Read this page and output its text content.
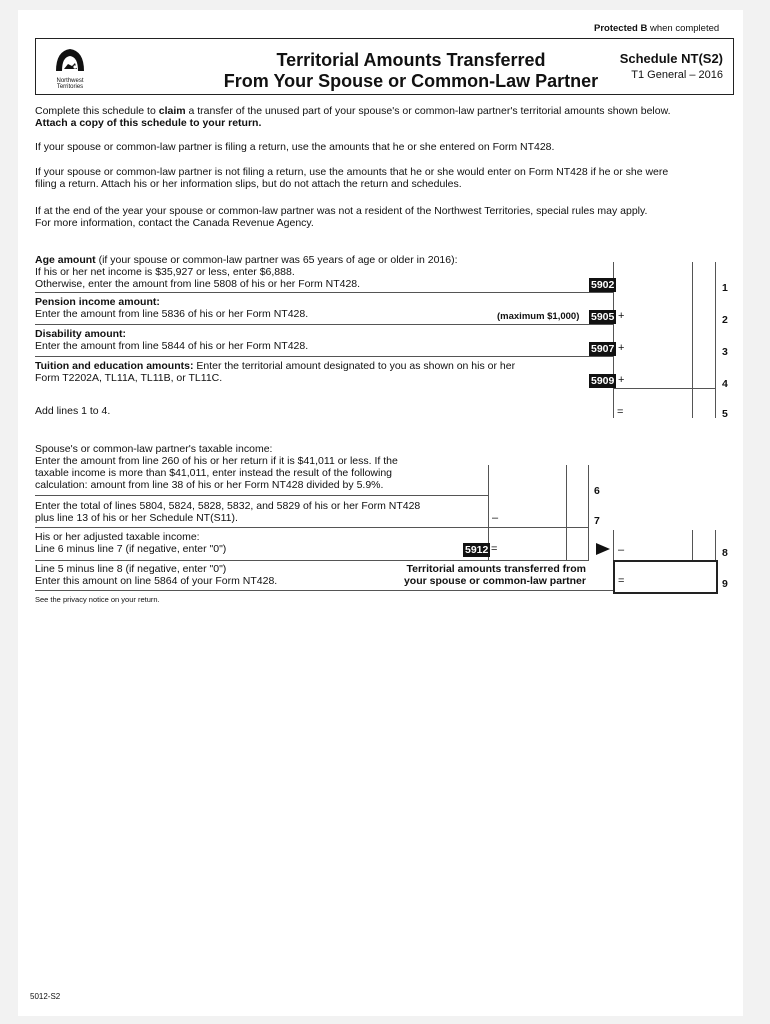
Protected B when completed
Northwest
Territories
Territorial Amounts Transferred
From Your Spouse or Common-Law Partner
Schedule NT(S2)
T1 General – 2016
Complete this schedule to claim a transfer of the unused part of your spouse's or common-law partner's territorial amounts shown below.
Attach a copy of this schedule to your return.
If your spouse or common-law partner is filing a return, use the amounts that he or she entered on Form NT428.
If your spouse or common-law partner is not filing a return, use the amounts that he or she would enter on Form NT428 if he or she were
filing a return. Attach his or her information slips, but do not attach the return and schedules.
If at the end of the year your spouse or common-law partner was not a resident of the Northwest Territories, special rules may apply.
For more information, contact the Canada Revenue Agency.
Age amount (if your spouse or common-law partner was 65 years of age or older in 2016):
If his or her net income is $35,927 or less, enter $6,888.
Otherwise, enter the amount from line 5808 of his or her Form NT428.	5902	1
Pension income amount:
Enter the amount from line 5836 of his or her Form NT428.	(maximum $1,000) 5905 +	2
Disability amount:
Enter the amount from line 5844 of his or her Form NT428.	5907 +	3
Tuition and education amounts: Enter the territorial amount designated to you as shown on his or her
Form T2202A, TL11A, TL11B, or TL11C.	5909 +	4
Add lines 1 to 4.	=	5
Spouse's or common-law partner's taxable income:
Enter the amount from line 260 of his or her return if it is $41,011 or less. If the
taxable income is more than $41,011, enter instead the result of the following
calculation: amount from line 38 of his or her Form NT428 divided by 5.9%.	6
Enter the total of lines 5804, 5824, 5828, 5832, and 5829 of his or her Form NT428
plus line 13 of his or her Schedule NT(S11).	–	7
His or her adjusted taxable income:
Line 6 minus line 7 (if negative, enter "0")	5912 =	–	8
Line 5 minus line 8 (if negative, enter "0")
Enter this amount on line 5864 of your Form NT428.
Territorial amounts transferred from
your spouse or common-law partner	=	9
See the privacy notice on your return.
5012-S2
